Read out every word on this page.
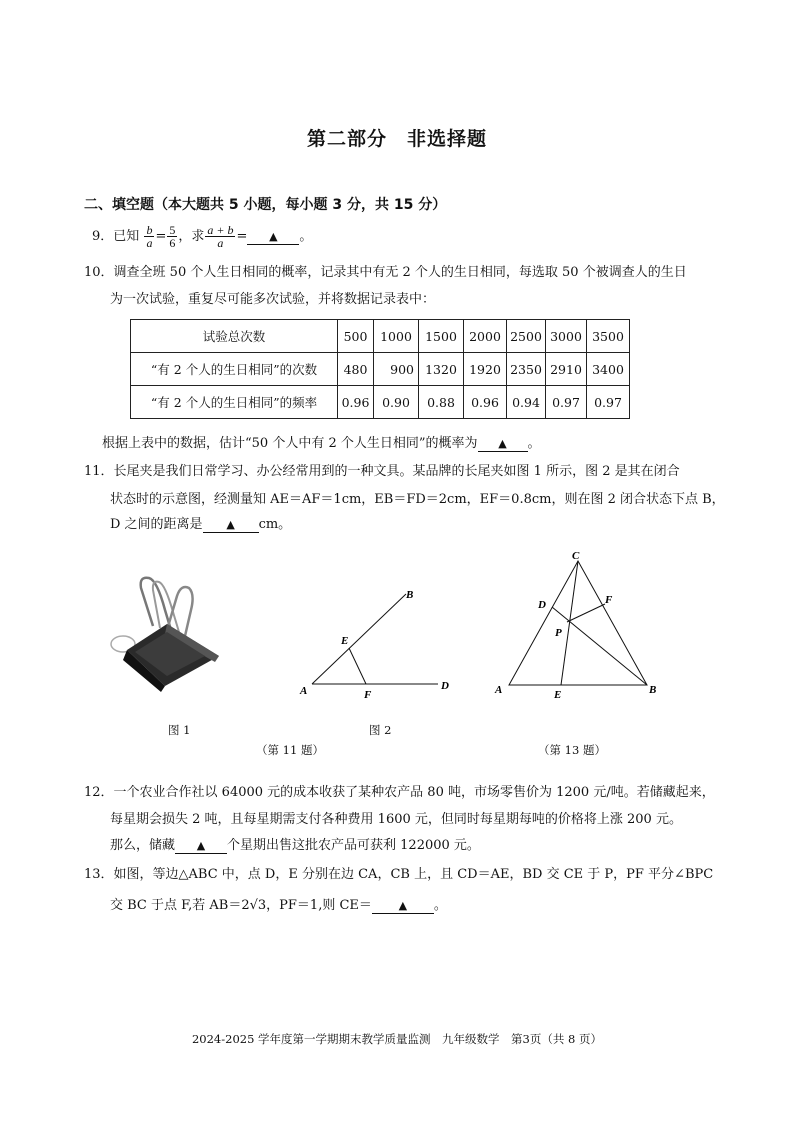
第二部分　非选择题
二、填空题（本大题共 5 小题，每小题 3 分，共 15 分）
9．已知 $\frac{b}{a} = \frac{5}{6}$ ，求 $\frac{a + b}{a}$ = ▲ 。
10．调查全班 50 个人生日相同的概率，记录其中有无 2 个人的生日相同，每选取 50 个被调查人的生日
为一次试验，重复尽可能多次试验，并将数据记录表中：
试验总次数	500	1000	1500	2000	2500	3000	3500
“有 2 个人的生日相同”的次数	480	900	1320	1920	2350	2910	3400
“有 2 个人的生日相同”的频率	0.96	0.90	0.88	0.96	0.94	0.97	0.97
根据上表中的数据，估计“50 个人中有 2 个人生日相同”的概率为 ▲ 。
11．长尾夹是我们日常学习、办公经常用到的一种文具。某品牌的长尾夹如图 1 所示，图 2 是其在闭合
状态时的示意图，经测量知 AE＝AF＝1cm，EB＝FD＝2cm，EF＝0.8cm，则在图 2 闭合状态下点 B，
D 之间的距离是 ▲ cm。
图 1
A
B
E
F
D
图 2
（第 11 题）
C
A	B
D	F
P
E
（第 13 题）
12．一个农业合作社以 64000 元的成本收获了某种农产品 80 吨，市场零售价为 1200 元/吨。若储藏起来，
每星期会损失 2 吨，且每星期需支付各种费用 1600 元，但同时每星期每吨的价格将上涨 200 元。
那么，储藏 ▲ 个星期出售这批农产品可获利 122000 元。
13．如图，等边△ABC 中，点 D，E 分别在边 CA，CB 上，且 CD＝AE，BD 交 CE 于 P，PF 平分∠BPC
交 BC 于点 F,若 AB＝2√3，PF＝1,则 CE＝ ▲ 。
2024-2025 学年度第一学期期末教学质量监测　九年级数学　第3页（共 8 页）
